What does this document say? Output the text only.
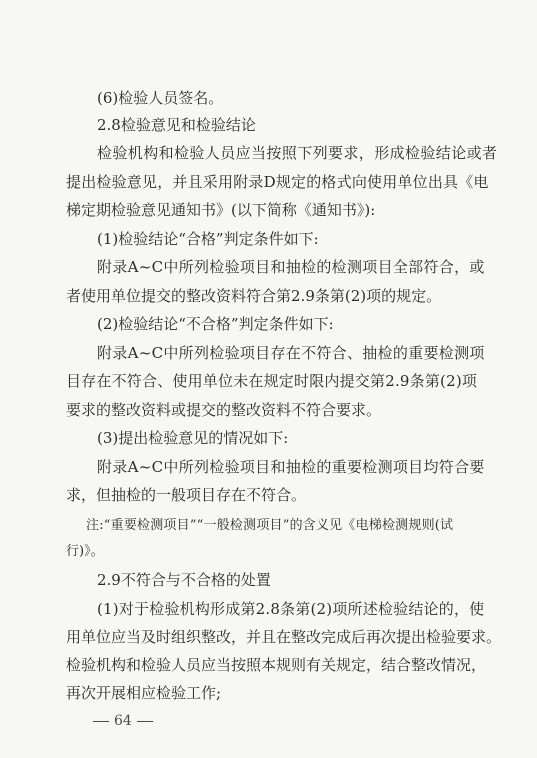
(6)检验人员签名。
2.8检验意见和检验结论
检验机构和检验人员应当按照下列要求，形成检验结论或者
提出检验意见，并且采用附录D规定的格式向使用单位出具《电
梯定期检验意见通知书》(以下简称《通知书》):
(1)检验结论“合格”判定条件如下:
附录A~C中所列检验项目和抽检的检测项目全部符合，或
者使用单位提交的整改资料符合第2.9条第(2)项的规定。
(2)检验结论“不合格”判定条件如下:
附录A~C中所列检验项目存在不符合、抽检的重要检测项
目存在不符合、使用单位未在规定时限内提交第2.9条第(2)项
要求的整改资料或提交的整改资料不符合要求。
(3)提出检验意见的情况如下:
附录A~C中所列检验项目和抽检的重要检测项目均符合要
求，但抽检的一般项目存在不符合。
注:“重要检测项目”“一般检测项目”的含义见《电梯检测规则(试
行)》。
2.9不符合与不合格的处置
(1)对于检验机构形成第2.8条第(2)项所述检验结论的，使
用单位应当及时组织整改，并且在整改完成后再次提出检验要求。
检验机构和检验人员应当按照本规则有关规定，结合整改情况，
再次开展相应检验工作;
64
